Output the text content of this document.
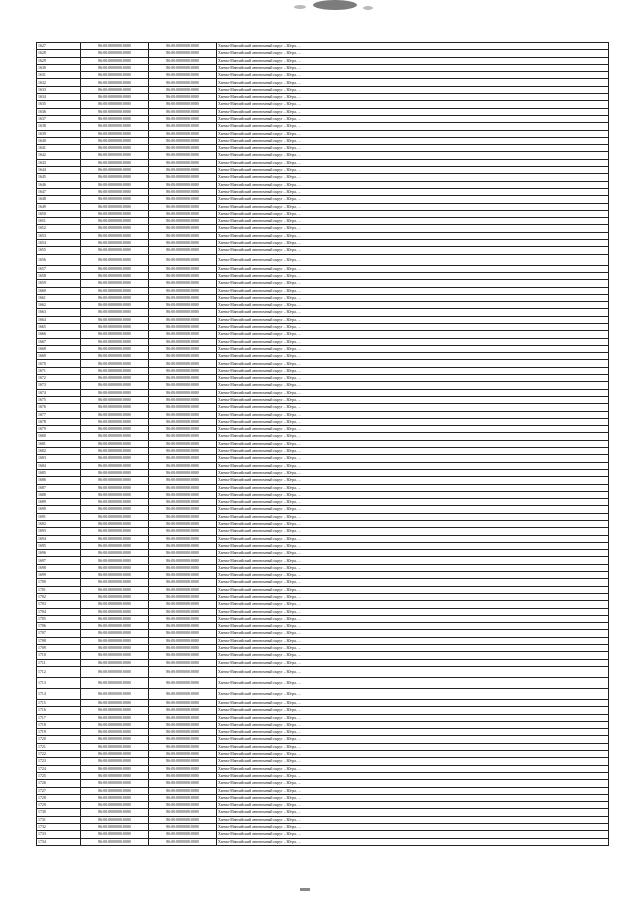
1627	86:00:0000000:0000	86:00:0000000:0000	Ханты-Мансийский автономный округ – Югра, ...
1628	86:00:0000000:0000	86:00:0000000:0000	Ханты-Мансийский автономный округ – Югра, ...
1629	86:00:0000000:0000	86:00:0000000:0000	Ханты-Мансийский автономный округ – Югра, ...
1630	86:00:0000000:0000	86:00:0000000:0000	Ханты-Мансийский автономный округ – Югра, ...
1631	86:00:0000000:0000	86:00:0000000:0000	Ханты-Мансийский автономный округ – Югра, ...
1632	86:00:0000000:0000	86:00:0000000:0000	Ханты-Мансийский автономный округ – Югра, ...
1633	86:00:0000000:0000	86:00:0000000:0000	Ханты-Мансийский автономный округ – Югра, ...
1634	86:00:0000000:0000	86:00:0000000:0000	Ханты-Мансийский автономный округ – Югра, ...
1635	86:00:0000000:0000	86:00:0000000:0000	Ханты-Мансийский автономный округ – Югра, ...
1636	86:00:0000000:0000	86:00:0000000:0000	Ханты-Мансийский автономный округ – Югра, ...
1637	86:00:0000000:0000	86:00:0000000:0000	Ханты-Мансийский автономный округ – Югра, ...
1638	86:00:0000000:0000	86:00:0000000:0000	Ханты-Мансийский автономный округ – Югра, ...
1639	86:00:0000000:0000	86:00:0000000:0000	Ханты-Мансийский автономный округ – Югра, ...
1640	86:00:0000000:0000	86:00:0000000:0000	Ханты-Мансийский автономный округ – Югра, ...
1641	86:00:0000000:0000	86:00:0000000:0000	Ханты-Мансийский автономный округ – Югра, ...
1642	86:00:0000000:0000	86:00:0000000:0000	Ханты-Мансийский автономный округ – Югра, ...
1643	86:00:0000000:0000	86:00:0000000:0000	Ханты-Мансийский автономный округ – Югра, ...
1644	86:00:0000000:0000	86:00:0000000:0000	Ханты-Мансийский автономный округ – Югра, ...
1645	86:00:0000000:0000	86:00:0000000:0000	Ханты-Мансийский автономный округ – Югра, ...
1646	86:00:0000000:0000	86:00:0000000:0000	Ханты-Мансийский автономный округ – Югра, ...
1647	86:00:0000000:0000	86:00:0000000:0000	Ханты-Мансийский автономный округ – Югра, ...
1648	86:00:0000000:0000	86:00:0000000:0000	Ханты-Мансийский автономный округ – Югра, ...
1649	86:00:0000000:0000	86:00:0000000:0000	Ханты-Мансийский автономный округ – Югра, ...
1650	86:00:0000000:0000	86:00:0000000:0000	Ханты-Мансийский автономный округ – Югра, ...
1651	86:00:0000000:0000	86:00:0000000:0000	Ханты-Мансийский автономный округ – Югра, ...
1652	86:00:0000000:0000	86:00:0000000:0000	Ханты-Мансийский автономный округ – Югра, ...
1653	86:00:0000000:0000	86:00:0000000:0000	Ханты-Мансийский автономный округ – Югра, ...
1654	86:00:0000000:0000	86:00:0000000:0000	Ханты-Мансийский автономный округ – Югра, ...
1655	86:00:0000000:0000	86:00:0000000:0000	Ханты-Мансийский автономный округ – Югра, ...
1656	86:00:0000000:0000	86:00:0000000:0000	Ханты-Мансийский автономный округ – Югра, ...
1657	86:00:0000000:0000	86:00:0000000:0000	Ханты-Мансийский автономный округ – Югра, ...
1658	86:00:0000000:0000	86:00:0000000:0000	Ханты-Мансийский автономный округ – Югра, ...
1659	86:00:0000000:0000	86:00:0000000:0000	Ханты-Мансийский автономный округ – Югра, ...
1660	86:00:0000000:0000	86:00:0000000:0000	Ханты-Мансийский автономный округ – Югра, ...
1661	86:00:0000000:0000	86:00:0000000:0000	Ханты-Мансийский автономный округ – Югра, ...
1662	86:00:0000000:0000	86:00:0000000:0000	Ханты-Мансийский автономный округ – Югра, ...
1663	86:00:0000000:0000	86:00:0000000:0000	Ханты-Мансийский автономный округ – Югра, ...
1664	86:00:0000000:0000	86:00:0000000:0000	Ханты-Мансийский автономный округ – Югра, ...
1665	86:00:0000000:0000	86:00:0000000:0000	Ханты-Мансийский автономный округ – Югра, ...
1666	86:00:0000000:0000	86:00:0000000:0000	Ханты-Мансийский автономный округ – Югра, ...
1667	86:00:0000000:0000	86:00:0000000:0000	Ханты-Мансийский автономный округ – Югра, ...
1668	86:00:0000000:0000	86:00:0000000:0000	Ханты-Мансийский автономный округ – Югра, ...
1669	86:00:0000000:0000	86:00:0000000:0000	Ханты-Мансийский автономный округ – Югра, ...
1670	86:00:0000000:0000	86:00:0000000:0000	Ханты-Мансийский автономный округ – Югра, ...
1671	86:00:0000000:0000	86:00:0000000:0000	Ханты-Мансийский автономный округ – Югра, ...
1672	86:00:0000000:0000	86:00:0000000:0000	Ханты-Мансийский автономный округ – Югра, ...
1673	86:00:0000000:0000	86:00:0000000:0000	Ханты-Мансийский автономный округ – Югра, ...
1674	86:00:0000000:0000	86:00:0000000:0000	Ханты-Мансийский автономный округ – Югра, ...
1675	86:00:0000000:0000	86:00:0000000:0000	Ханты-Мансийский автономный округ – Югра, ...
1676	86:00:0000000:0000	86:00:0000000:0000	Ханты-Мансийский автономный округ – Югра, ...
1677	86:00:0000000:0000	86:00:0000000:0000	Ханты-Мансийский автономный округ – Югра, ...
1678	86:00:0000000:0000	86:00:0000000:0000	Ханты-Мансийский автономный округ – Югра, ...
1679	86:00:0000000:0000	86:00:0000000:0000	Ханты-Мансийский автономный округ – Югра, ...
1680	86:00:0000000:0000	86:00:0000000:0000	Ханты-Мансийский автономный округ – Югра, ...
1681	86:00:0000000:0000	86:00:0000000:0000	Ханты-Мансийский автономный округ – Югра, ...
1682	86:00:0000000:0000	86:00:0000000:0000	Ханты-Мансийский автономный округ – Югра, ...
1683	86:00:0000000:0000	86:00:0000000:0000	Ханты-Мансийский автономный округ – Югра, ...
1684	86:00:0000000:0000	86:00:0000000:0000	Ханты-Мансийский автономный округ – Югра, ...
1685	86:00:0000000:0000	86:00:0000000:0000	Ханты-Мансийский автономный округ – Югра, ...
1686	86:00:0000000:0000	86:00:0000000:0000	Ханты-Мансийский автономный округ – Югра, ...
1687	86:00:0000000:0000	86:00:0000000:0000	Ханты-Мансийский автономный округ – Югра, ...
1688	86:00:0000000:0000	86:00:0000000:0000	Ханты-Мансийский автономный округ – Югра, ...
1689	86:00:0000000:0000	86:00:0000000:0000	Ханты-Мансийский автономный округ – Югра, ...
1690	86:00:0000000:0000	86:00:0000000:0000	Ханты-Мансийский автономный округ – Югра, ...
1691	86:00:0000000:0000	86:00:0000000:0000	Ханты-Мансийский автономный округ – Югра, ...
1692	86:00:0000000:0000	86:00:0000000:0000	Ханты-Мансийский автономный округ – Югра, ...
1693	86:00:0000000:0000	86:00:0000000:0000	Ханты-Мансийский автономный округ – Югра, ...
1694	86:00:0000000:0000	86:00:0000000:0000	Ханты-Мансийский автономный округ – Югра, ...
1695	86:00:0000000:0000	86:00:0000000:0000	Ханты-Мансийский автономный округ – Югра, ...
1696	86:00:0000000:0000	86:00:0000000:0000	Ханты-Мансийский автономный округ – Югра, ...
1697	86:00:0000000:0000	86:00:0000000:0000	Ханты-Мансийский автономный округ – Югра, ...
1698	86:00:0000000:0000	86:00:0000000:0000	Ханты-Мансийский автономный округ – Югра, ...
1699	86:00:0000000:0000	86:00:0000000:0000	Ханты-Мансийский автономный округ – Югра, ...
1700	86:00:0000000:0000	86:00:0000000:0000	Ханты-Мансийский автономный округ – Югра, ...
1701	86:00:0000000:0000	86:00:0000000:0000	Ханты-Мансийский автономный округ – Югра, ...
1702	86:00:0000000:0000	86:00:0000000:0000	Ханты-Мансийский автономный округ – Югра, ...
1703	86:00:0000000:0000	86:00:0000000:0000	Ханты-Мансийский автономный округ – Югра, ...
1704	86:00:0000000:0000	86:00:0000000:0000	Ханты-Мансийский автономный округ – Югра, ...
1705	86:00:0000000:0000	86:00:0000000:0000	Ханты-Мансийский автономный округ – Югра, ...
1706	86:00:0000000:0000	86:00:0000000:0000	Ханты-Мансийский автономный округ – Югра, ...
1707	86:00:0000000:0000	86:00:0000000:0000	Ханты-Мансийский автономный округ – Югра, ...
1708	86:00:0000000:0000	86:00:0000000:0000	Ханты-Мансийский автономный округ – Югра, ...
1709	86:00:0000000:0000	86:00:0000000:0000	Ханты-Мансийский автономный округ – Югра, ...
1710	86:00:0000000:0000	86:00:0000000:0000	Ханты-Мансийский автономный округ – Югра, ...
1711	86:00:0000000:0000	86:00:0000000:0000	Ханты-Мансийский автономный округ – Югра, ...
1712	86:00:0000000:0000	86:00:0000000:0000	Ханты-Мансийский автономный округ – Югра, ...
1713	86:00:0000000:0000	86:00:0000000:0000	Ханты-Мансийский автономный округ – Югра, ...
1714	86:00:0000000:0000	86:00:0000000:0000	Ханты-Мансийский автономный округ – Югра, ...
1715	86:00:0000000:0000	86:00:0000000:0000	Ханты-Мансийский автономный округ – Югра, ...
1716	86:00:0000000:0000	86:00:0000000:0000	Ханты-Мансийский автономный округ – Югра, ...
1717	86:00:0000000:0000	86:00:0000000:0000	Ханты-Мансийский автономный округ – Югра, ...
1718	86:00:0000000:0000	86:00:0000000:0000	Ханты-Мансийский автономный округ – Югра, ...
1719	86:00:0000000:0000	86:00:0000000:0000	Ханты-Мансийский автономный округ – Югра, ...
1720	86:00:0000000:0000	86:00:0000000:0000	Ханты-Мансийский автономный округ – Югра, ...
1721	86:00:0000000:0000	86:00:0000000:0000	Ханты-Мансийский автономный округ – Югра, ...
1722	86:00:0000000:0000	86:00:0000000:0000	Ханты-Мансийский автономный округ – Югра, ...
1723	86:00:0000000:0000	86:00:0000000:0000	Ханты-Мансийский автономный округ – Югра, ...
1724	86:00:0000000:0000	86:00:0000000:0000	Ханты-Мансийский автономный округ – Югра, ...
1725	86:00:0000000:0000	86:00:0000000:0000	Ханты-Мансийский автономный округ – Югра, ...
1726	86:00:0000000:0000	86:00:0000000:0000	Ханты-Мансийский автономный округ – Югра, ...
1727	86:00:0000000:0000	86:00:0000000:0000	Ханты-Мансийский автономный округ – Югра, ...
1728	86:00:0000000:0000	86:00:0000000:0000	Ханты-Мансийский автономный округ – Югра, ...
1729	86:00:0000000:0000	86:00:0000000:0000	Ханты-Мансийский автономный округ – Югра, ...
1730	86:00:0000000:0000	86:00:0000000:0000	Ханты-Мансийский автономный округ – Югра, ...
1731	86:00:0000000:0000	86:00:0000000:0000	Ханты-Мансийский автономный округ – Югра, ...
1732	86:00:0000000:0000	86:00:0000000:0000	Ханты-Мансийский автономный округ – Югра, ...
1733	86:00:0000000:0000	86:00:0000000:0000	Ханты-Мансийский автономный округ – Югра, ...
1734	86:00:0000000:0000	86:00:0000000:0000	Ханты-Мансийский автономный округ – Югра, ...
